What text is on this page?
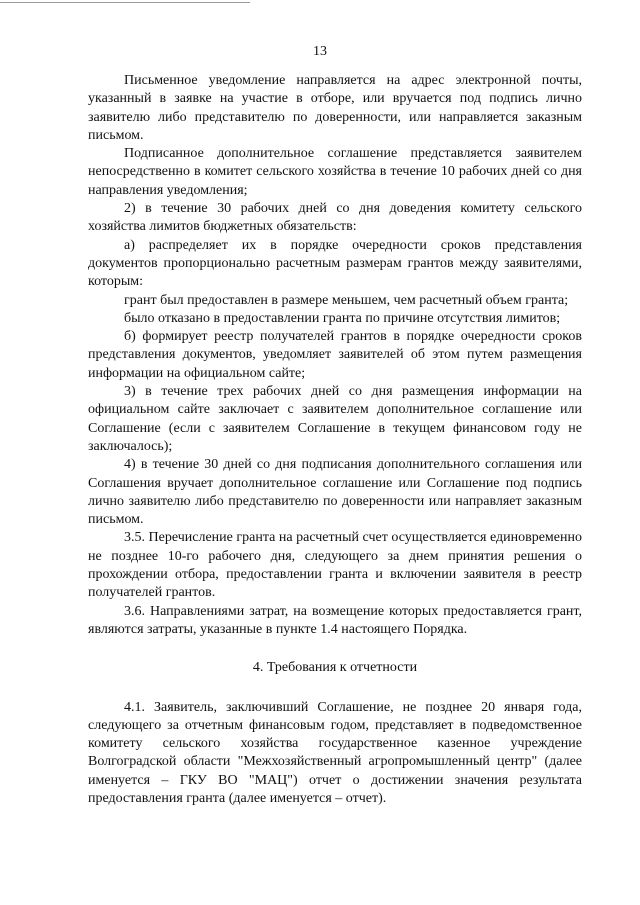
13

Письменное уведомление направляется на адрес электронной почты, указанный в заявке на участие в отборе, или вручается под подпись лично заявителю либо представителю по доверенности, или направляется заказным письмом.

Подписанное дополнительное соглашение представляется заявителем непосредственно в комитет сельского хозяйства в течение 10 рабочих дней со дня направления уведомления;

2) в течение 30 рабочих дней со дня доведения комитету сельского хозяйства лимитов бюджетных обязательств:

а) распределяет их в порядке очередности сроков представления документов пропорционально расчетным размерам грантов между заявителями, которым:

грант был предоставлен в размере меньшем, чем расчетный объем гранта;

было отказано в предоставлении гранта по причине отсутствия лимитов;

б) формирует реестр получателей грантов в порядке очередности сроков представления документов, уведомляет заявителей об этом путем размещения информации на официальном сайте;

3) в течение трех рабочих дней со дня размещения информации на официальном сайте заключает с заявителем дополнительное соглашение или Соглашение (если с заявителем Соглашение в текущем финансовом году не заключалось);

4) в течение 30 дней со дня подписания дополнительного соглашения или Соглашения вручает дополнительное соглашение или Соглашение под подпись лично заявителю либо представителю по доверенности или направляет заказным письмом.

3.5. Перечисление гранта на расчетный счет осуществляется единовременно не позднее 10-го рабочего дня, следующего за днем принятия решения о прохождении отбора, предоставлении гранта и включении заявителя в реестр получателей грантов.

3.6. Направлениями затрат, на возмещение которых предоставляется грант, являются затраты, указанные в пункте 1.4 настоящего Порядка.

4. Требования к отчетности

4.1. Заявитель, заключивший Соглашение, не позднее 20 января года, следующего за отчетным финансовым годом, представляет в подведомственное комитету сельского хозяйства государственное казенное учреждение Волгоградской области "Межхозяйственный агропромышленный центр" (далее именуется – ГКУ ВО "МАЦ") отчет о достижении значения результата предоставления гранта (далее именуется – отчет).
